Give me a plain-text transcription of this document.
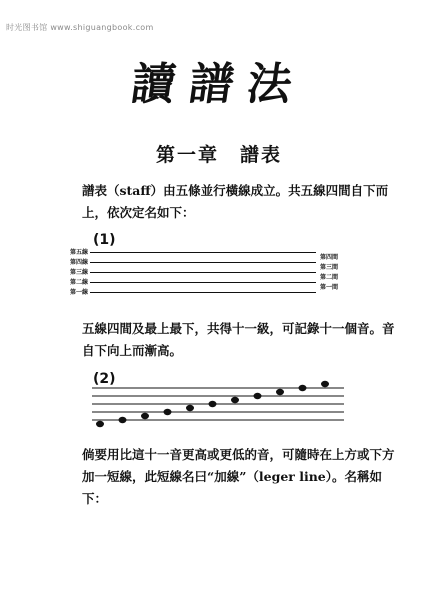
时光图书馆 www.shiguangbook.com
讀譜法
第一章　譜表
譜表（staff）由五條並行橫線成立。共五線四間自下而上，依次定名如下：
(1)
第五線
第四線
第三線
第二線
第一線
第四間
第三間
第二間
第一間
五線四間及最上最下，共得十一級，可記錄十一個音。音自下向上而漸高。
(2)
倘要用比這十一音更高或更低的音，可隨時在上方或下方加一短線，此短線名曰“加線”（leger line）。名稱如下：
